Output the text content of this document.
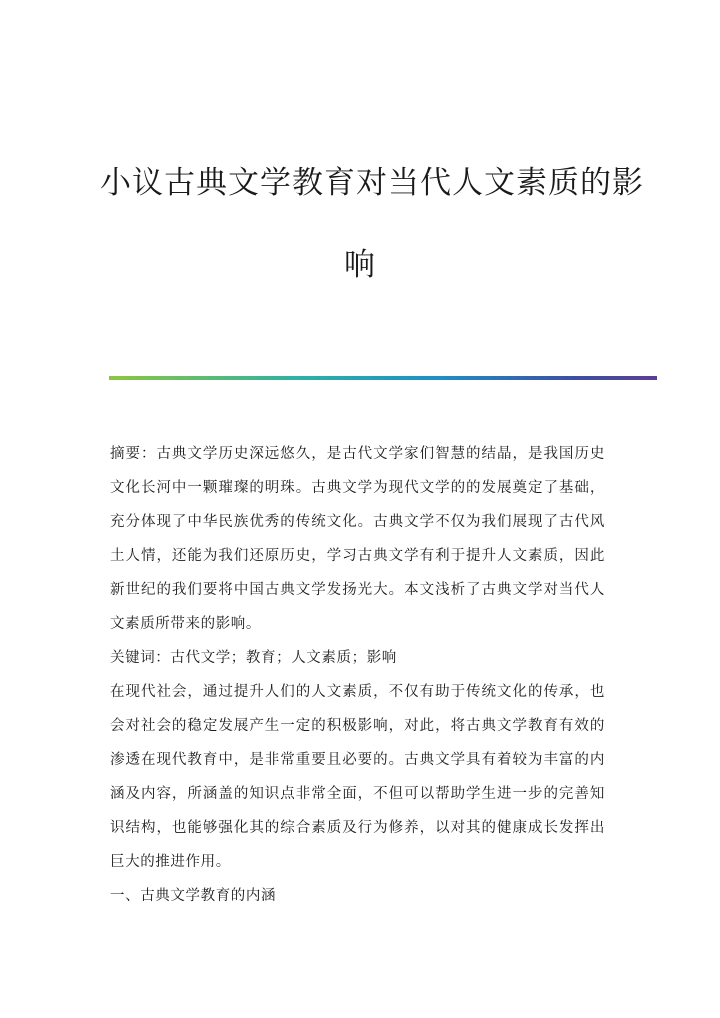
小议古典文学教育对当代人文素质的影
响

摘要：古典文学历史深远悠久，是古代文学家们智慧的结晶，是我国历史文化长河中一颗璀璨的明珠。古典文学为现代文学的的发展奠定了基础，充分体现了中华民族优秀的传统文化。古典文学不仅为我们展现了古代风土人情，还能为我们还原历史，学习古典文学有利于提升人文素质，因此新世纪的我们要将中国古典文学发扬光大。本文浅析了古典文学对当代人文素质所带来的影响。

关键词：古代文学；教育；人文素质；影响

在现代社会，通过提升人们的人文素质，不仅有助于传统文化的传承，也会对社会的稳定发展产生一定的积极影响，对此，将古典文学教育有效的渗透在现代教育中，是非常重要且必要的。古典文学具有着较为丰富的内涵及内容，所涵盖的知识点非常全面，不但可以帮助学生进一步的完善知识结构，也能够强化其的综合素质及行为修养，以对其的健康成长发挥出巨大的推进作用。

一、古典文学教育的内涵
